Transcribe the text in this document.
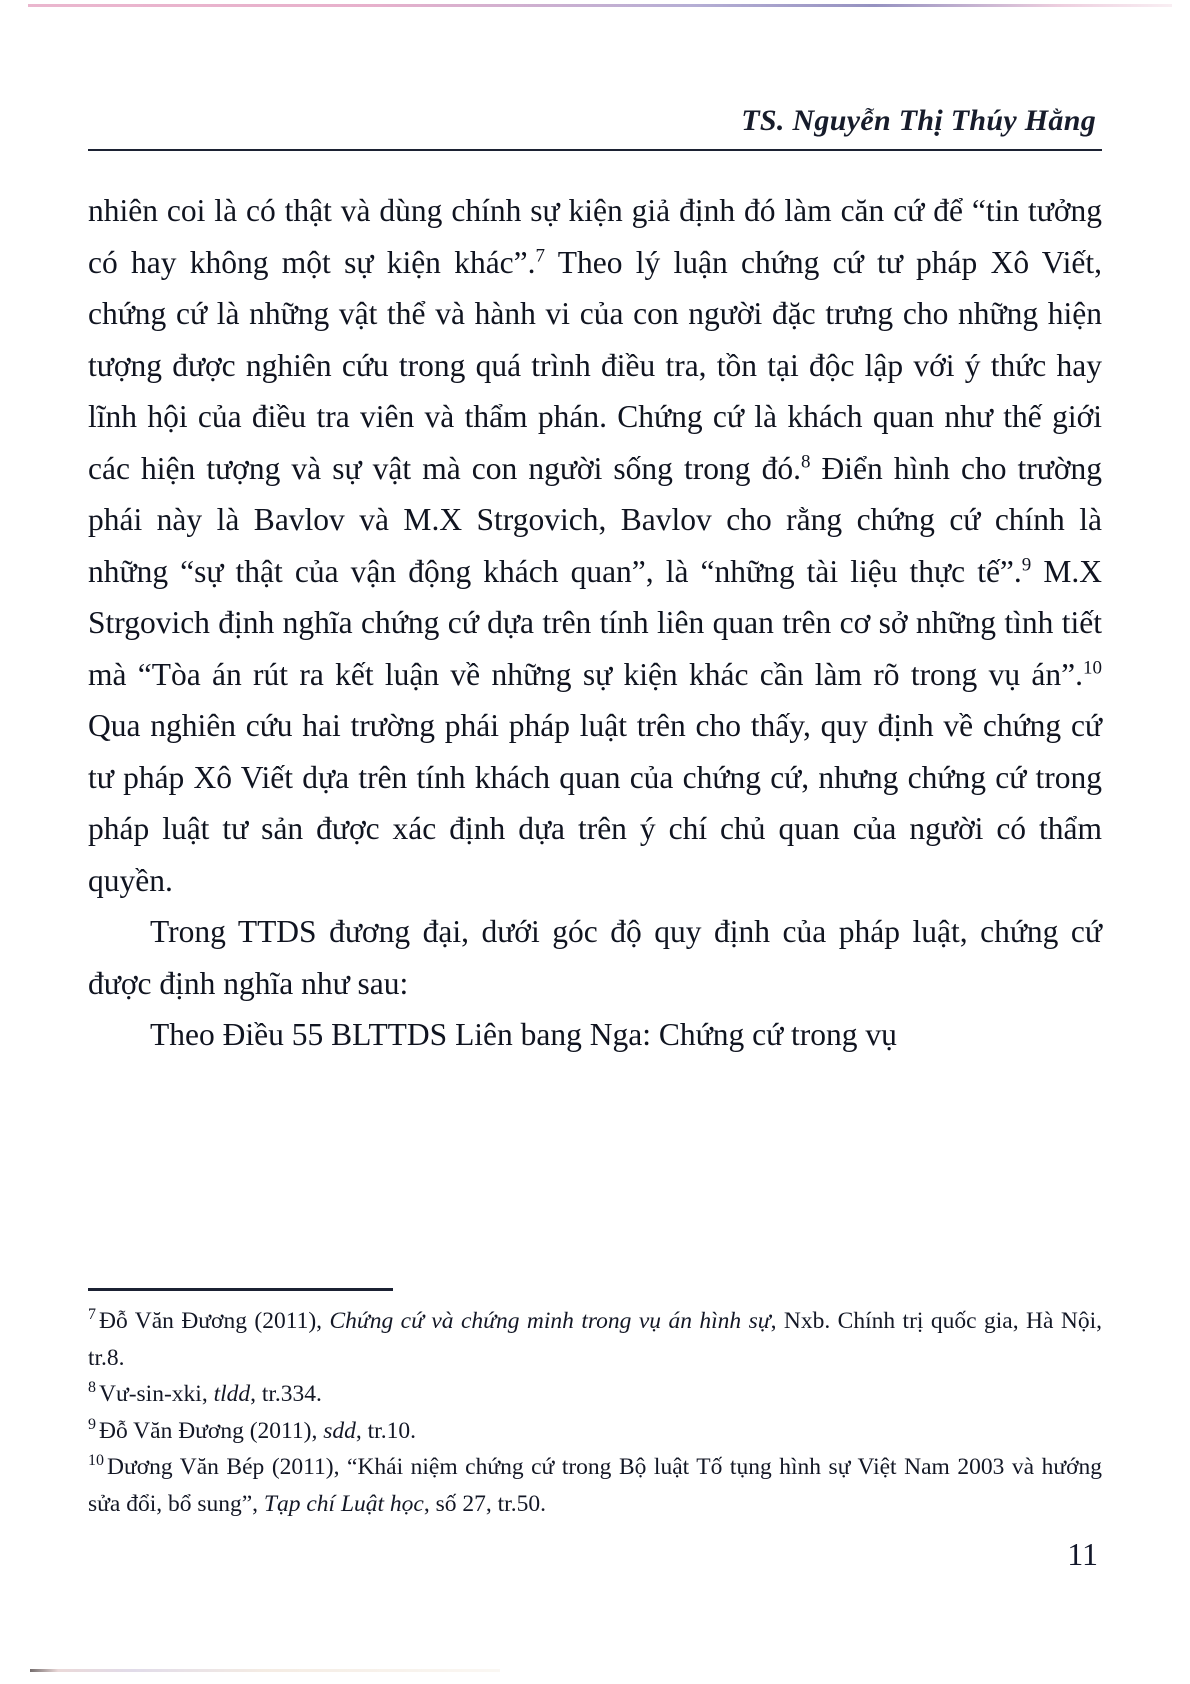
TS. Nguyễn Thị Thúy Hằng

nhiên coi là có thật và dùng chính sự kiện giả định đó làm căn cứ để “tin tưởng có hay không một sự kiện khác”.$^7$ Theo lý luận chứng cứ tư pháp Xô Viết, chứng cứ là những vật thể và hành vi của con người đặc trưng cho những hiện tượng được nghiên cứu trong quá trình điều tra, tồn tại độc lập với ý thức hay lĩnh hội của điều tra viên và thẩm phán. Chứng cứ là khách quan như thế giới các hiện tượng và sự vật mà con người sống trong đó.$^8$ Điển hình cho trường phái này là Bavlov và M.X Strgovich, Bavlov cho rằng chứng cứ chính là những “sự thật của vận động khách quan”, là “những tài liệu thực tế”.$^9$ M.X Strgovich định nghĩa chứng cứ dựa trên tính liên quan trên cơ sở những tình tiết mà “Tòa án rút ra kết luận về những sự kiện khác cần làm rõ trong vụ án”.$^{10}$ Qua nghiên cứu hai trường phái pháp luật trên cho thấy, quy định về chứng cứ tư pháp Xô Viết dựa trên tính khách quan của chứng cứ, nhưng chứng cứ trong pháp luật tư sản được xác định dựa trên ý chí chủ quan của người có thẩm quyền.

Trong TTDS đương đại, dưới góc độ quy định của pháp luật, chứng cứ được định nghĩa như sau:

Theo Điều 55 BLTTDS Liên bang Nga: Chứng cứ trong vụ

$^7$ Đỗ Văn Đương (2011), Chứng cứ và chứng minh trong vụ án hình sự, Nxb. Chính trị quốc gia, Hà Nội, tr.8.

$^8$ Vư-sin-xki, tldd, tr.334.

$^9$ Đỗ Văn Đương (2011), sdd, tr.10.

$^{10}$ Dương Văn Bép (2011), “Khái niệm chứng cứ trong Bộ luật Tố tụng hình sự Việt Nam 2003 và hướng sửa đổi, bổ sung”, Tạp chí Luật học, số 27, tr.50.

11
